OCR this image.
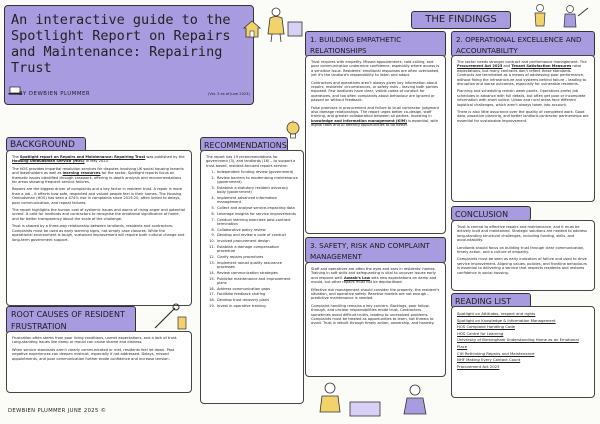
An interactive guide to the Spotlight Report on Repairs and Maintenance: Repairing Trust
BY DEWBIEN PLUMMER	(Vol. 3 as of June 2023)
THE FINDINGS
BACKGROUND

The Spotlight report on Repairs and Maintenance: Repairing Trust was published by the Housing Ombudsman Service (HOS) in May 2023.

The HOS provides impartial resolution services for disputes involving UK social housing tenants and leaseholders as well as learning resources for the sector. Spotlight reports focus on thematic issues identified through casework, offering in-depth analysis and recommendations for areas showing frequent service failures.

Repairs are the biggest driver of complaints and a key factor in resident trust. A repair is more than a job – it affects how safe, respected and valued people feel in their homes. The Housing Ombudsman (HOS) has seen a 474% rise in complaints since 2019-20, often linked to delays, poor communication, and repeat failures.

The report highlights the human cost of systemic issues and warns of rising anger and potential unrest. It calls for landlords and contractors to recognise the emotional significance of home, and for better transparency about the scale of the challenge.

Trust is shaped by a three-way relationship between landlords, residents and contractors. Complaints must be used as early warning signs, not simply case closures. While the operational environment is tough, sustained improvement will require both cultural change and long-term government support.

ROOT CAUSES OF RESIDENT FRUSTRATION

Frustration often stems from poor living conditions, unmet expectations, and a lack of trust. Long-standing issues like damp or mould can cause shame and distress.

When service standards aren't clearly communicated or met, residents feel let down. Past negative experiences can deepen mistrust, especially if not addressed. Delays, missed appointments, and poor communication further erode confidence and increase tension.

RECOMMENDATIONS
The report has 19 recommendations for government (3), and landlords (16) – to support a trust-based, resident-focused repairs service:
1. Independent funding review (government)
2. Review barriers to modernising maintenance (government)
3. Establish a statutory resident advocacy body (government)
4. Implement advanced information management
5. Collect and analyse service-impacting data
6. Leverage insights for service improvements
7. Conduct learning exercises post-contract termination
8. Collaborative policy review
9. Develop and review a code of conduct
10. Involved procurement design
11. Establish a damage compensation procedure
12. Clarify repairs procedures
13. Implement robust quality assurance processes
14. Review communication strategies
15. Publicise maintenance and improvement plans
16. Address communication gaps
17. Facilitate feedback sharing
18. Develop trust recovery plans
19. Invest in operative training
1. BUILDING EMPATHETIC RELATIONSHIPS

Trust requires with empathy. Missed appointments, cold-calling, and poor communication undermine confidence, especially where access is a sensitive issue. Residents' emotional responses are often overlooked, yet it's the landlord's responsibility to listen and adapt.

Contractors and operatives aren't always given key information about repairs, residents' circumstances, or safety risks – leaving both parties exposed. Few landlords have clear, visible codes of conduct for operatives, and too often complaints about behaviour are ignored or passed on without feedback.

False promises in procurement and failure to trust contractor judgment also damage relationships. The report urges better co-design, staff training, and greater collaboration between all parties. Investing in knowledge and information management (KIM) is essential, with digital tools and AI offering opportunities to do better.

3. SAFETY, RISK AND COMPLAINT MANAGEMENT

Staff and operatives are often the eyes and ears in residents' homes. Training in soft skills and safeguarding is vital to uncover issues early and respond well. Awaab's Law sets new expectations on damp and mould, but other repairs must not be deprioritised.

Effective risk management should consider the property, the resident's situation, and operative safety. Reactive models are not enough – predictive maintenance is needed.

Complaint handling remains a key concern. Backlogs, poor follow-through, and unclear responsibilities erode trust. Contractors sometimes avoid difficult truths, leading to unresolved problems. Complaints must be treated as opportunities to learn, not threats to avoid. Trust is rebuilt through timely action, ownership, and honesty.

2. OPERATIONAL EXCELLENCE AND ACCOUNTABILITY

The sector needs stronger contract and performance management. The Procurement Act 2023 and Tenant Satisfaction Measures raise expectations, but many contracts don't reflect these standards. Contracts are terminated as a means of addressing poor performance, without fixing the infrastructure and systems behind failure – leading to disruption and worse outcomes, especially for vulnerable residents.

Planning and scheduling remain weak points. Operatives prefer job schedules in advance with full details, but often get poor or incomplete information with short notice. Urban and rural areas face different logistical challenges, which aren't always taken into account.

There is also little assurance over the quality of completed work. Good data, proactive planning, and better landlord-contractor partnerships are essential for sustainable improvement.

CONCLUSION

Trust is central to effective repairs and maintenance, and it must be actively built and maintained. Strategic solutions are needed to address long-standing structural challenges, including funding, skills, and accountability.

Landlords should focus on building trust through clear communication, timely action, and a culture of empathy.

Complaints must be seen as early indicators of failure and used to drive service improvement. Aligning values, policies, and frontline behaviours is essential to delivering a service that respects residents and restores confidence in social housing.

READING LIST
Spotlight on Attitudes, respect and rights
Spotlight on Knowledge & Information Management
HOS Complaint Handling Code
HOS Centre for Learning
University of Birmingham Understanding Home as an Emotional Place
CIH Rethinking Repairs and Maintenance
NHF Making Every Contact Count
Procurement Act 2023
DEWBIEN PLUMMER JUNE 2025 ©
